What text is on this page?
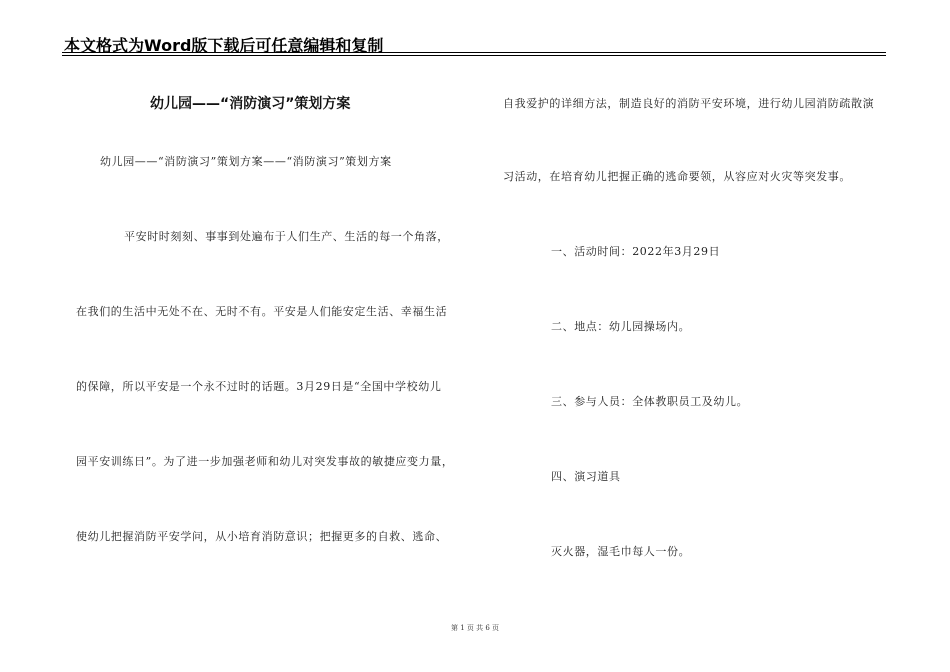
本文格式为Word版下载后可任意编辑和复制
幼儿园——“消防演习”策划方案
幼儿园——“消防演习”策划方案——“消防演习”策划方案
平安时时刻刻、事事到处遍布于人们生产、生活的每一个角落，
在我们的生活中无处不在、无时不有。平安是人们能安定生活、幸福生活
的保障，所以平安是一个永不过时的话题。3月29日是“全国中学校幼儿
园平安训练日”。为了进一步加强老师和幼儿对突发事故的敏捷应变力量，
使幼儿把握消防平安学问，从小培育消防意识；把握更多的自救、逃命、
自我爱护的详细方法，制造良好的消防平安环境，进行幼儿园消防疏散演
习活动，在培育幼儿把握正确的逃命要领，从容应对火灾等突发事。
一、活动时间：2022年3月29日
二、地点：幼儿园操场内。
三、参与人员：全体教职员工及幼儿。
四、演习道具
灭火器，湿毛巾每人一份。
第 1 页 共 6 页
